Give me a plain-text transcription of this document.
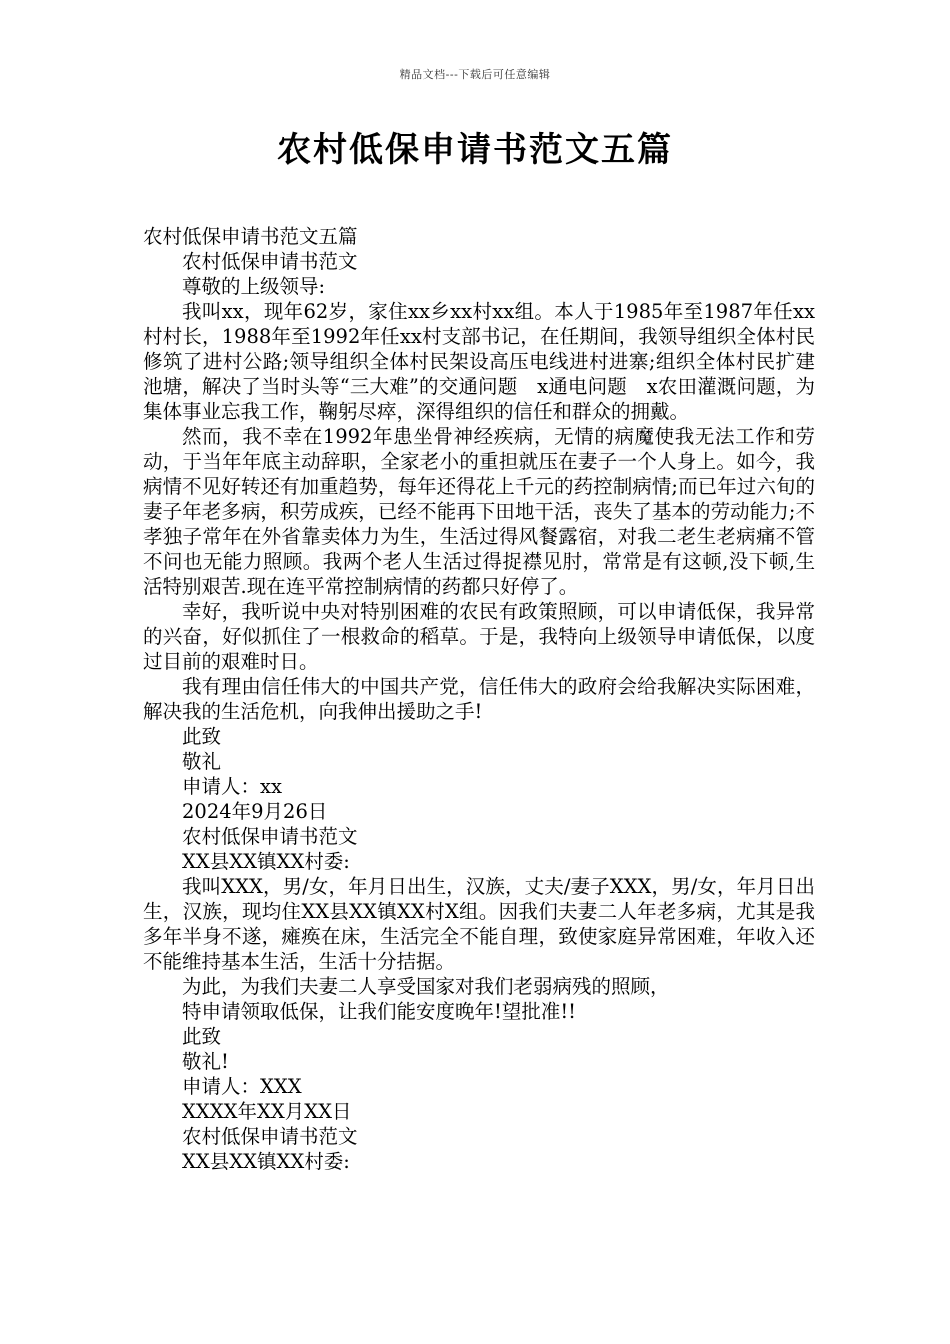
精品文档---下载后可任意编辑
农村低保申请书范文五篇

农村低保申请书范文五篇

农村低保申请书范文

尊敬的上级领导:

我叫xx，现年62岁，家住xx乡xx村xx组。本人于1985年至1987年任xx村村长，1988年至1992年任xx村支部书记，在任期间，我领导组织全体村民修筑了进村公路;领导组织全体村民架设高压电线进村进寨;组织全体村民扩建池塘，解决了当时头等“三大难”的交通问题　x通电问题　x农田灌溉问题，为集体事业忘我工作，鞠躬尽瘁，深得组织的信任和群众的拥戴。

然而，我不幸在1992年患坐骨神经疾病，无情的病魔使我无法工作和劳动，于当年年底主动辞职，全家老小的重担就压在妻子一个人身上。如今，我病情不见好转还有加重趋势，每年还得花上千元的药控制病情;而已年过六旬的妻子年老多病，积劳成疾，已经不能再下田地干活，丧失了基本的劳动能力;不孝独子常年在外省靠卖体力为生，生活过得风餐露宿，对我二老生老病痛不管不问也无能力照顾。我两个老人生活过得捉襟见肘，常常是有这顿,没下顿,生活特别艰苦.现在连平常控制病情的药都只好停了。

幸好，我听说中央对特别困难的农民有政策照顾，可以申请低保，我异常的兴奋，好似抓住了一根救命的稻草。于是，我特向上级领导申请低保，以度过目前的艰难时日。

我有理由信任伟大的中国共产党，信任伟大的政府会给我解决实际困难，解决我的生活危机，向我伸出援助之手!

此致

敬礼

申请人：xx

2024年9月26日

农村低保申请书范文

XX县XX镇XX村委:

我叫XXX，男/女，年月日出生，汉族，丈夫/妻子XXX，男/女，年月日出生，汉族，现均住XX县XX镇XX村X组。因我们夫妻二人年老多病，尤其是我多年半身不遂，瘫痪在床，生活完全不能自理，致使家庭异常困难，年收入还不能维持基本生活，生活十分拮据。

为此，为我们夫妻二人享受国家对我们老弱病残的照顾，

特申请领取低保，让我们能安度晚年!望批准!!

此致

敬礼!

申请人：XXX

XXXX年XX月XX日

农村低保申请书范文

XX县XX镇XX村委:
